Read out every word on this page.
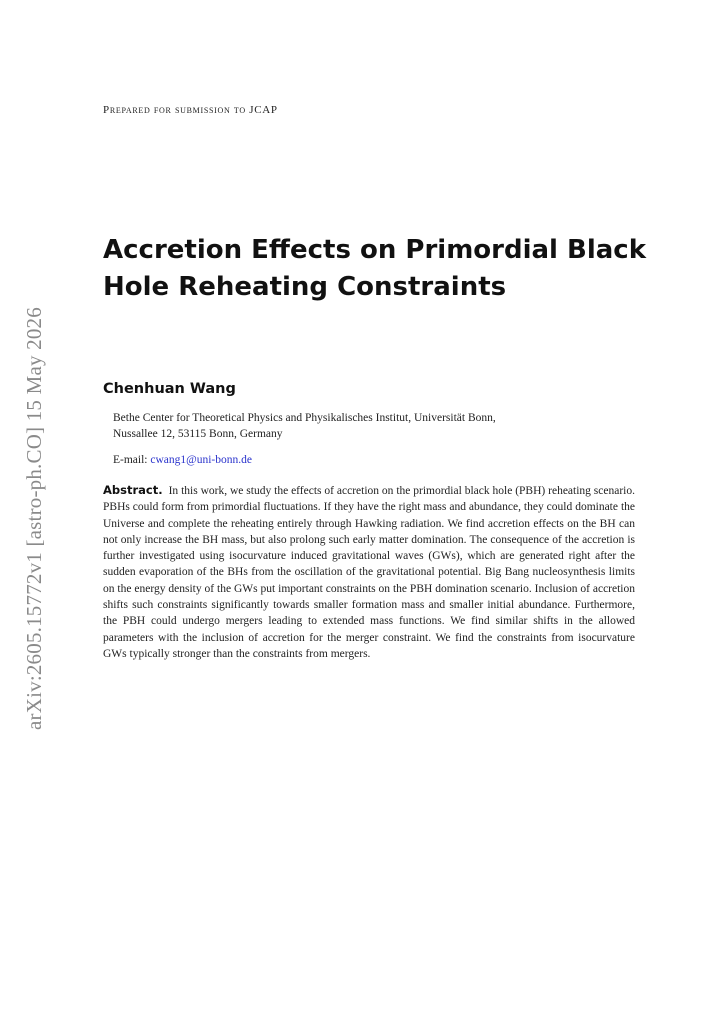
arXiv:2605.15772v1 [astro-ph.CO] 15 May 2026
Prepared for submission to JCAP
Accretion Effects on Primordial Black Hole Reheating Constraints
Chenhuan Wang
Bethe Center for Theoretical Physics and Physikalisches Institut, Universität Bonn,
Nussallee 12, 53115 Bonn, Germany
E-mail: cwang1@uni-bonn.de
Abstract. In this work, we study the effects of accretion on the primordial black hole (PBH) reheating scenario. PBHs could form from primordial fluctuations. If they have the right mass and abundance, they could dominate the Universe and complete the reheating entirely through Hawking radiation. We find accretion effects on the BH can not only increase the BH mass, but also prolong such early matter domination. The consequence of the accretion is further investigated using isocurvature induced gravitational waves (GWs), which are generated right after the sudden evaporation of the BHs from the oscillation of the gravitational potential. Big Bang nucleosynthesis limits on the energy density of the GWs put important constraints on the PBH domination scenario. Inclusion of accretion shifts such constraints significantly towards smaller formation mass and smaller initial abundance. Furthermore, the PBH could undergo mergers leading to extended mass functions. We find similar shifts in the allowed parameters with the inclusion of accretion for the merger constraint. We find the constraints from isocurvature GWs typically stronger than the constraints from mergers.
